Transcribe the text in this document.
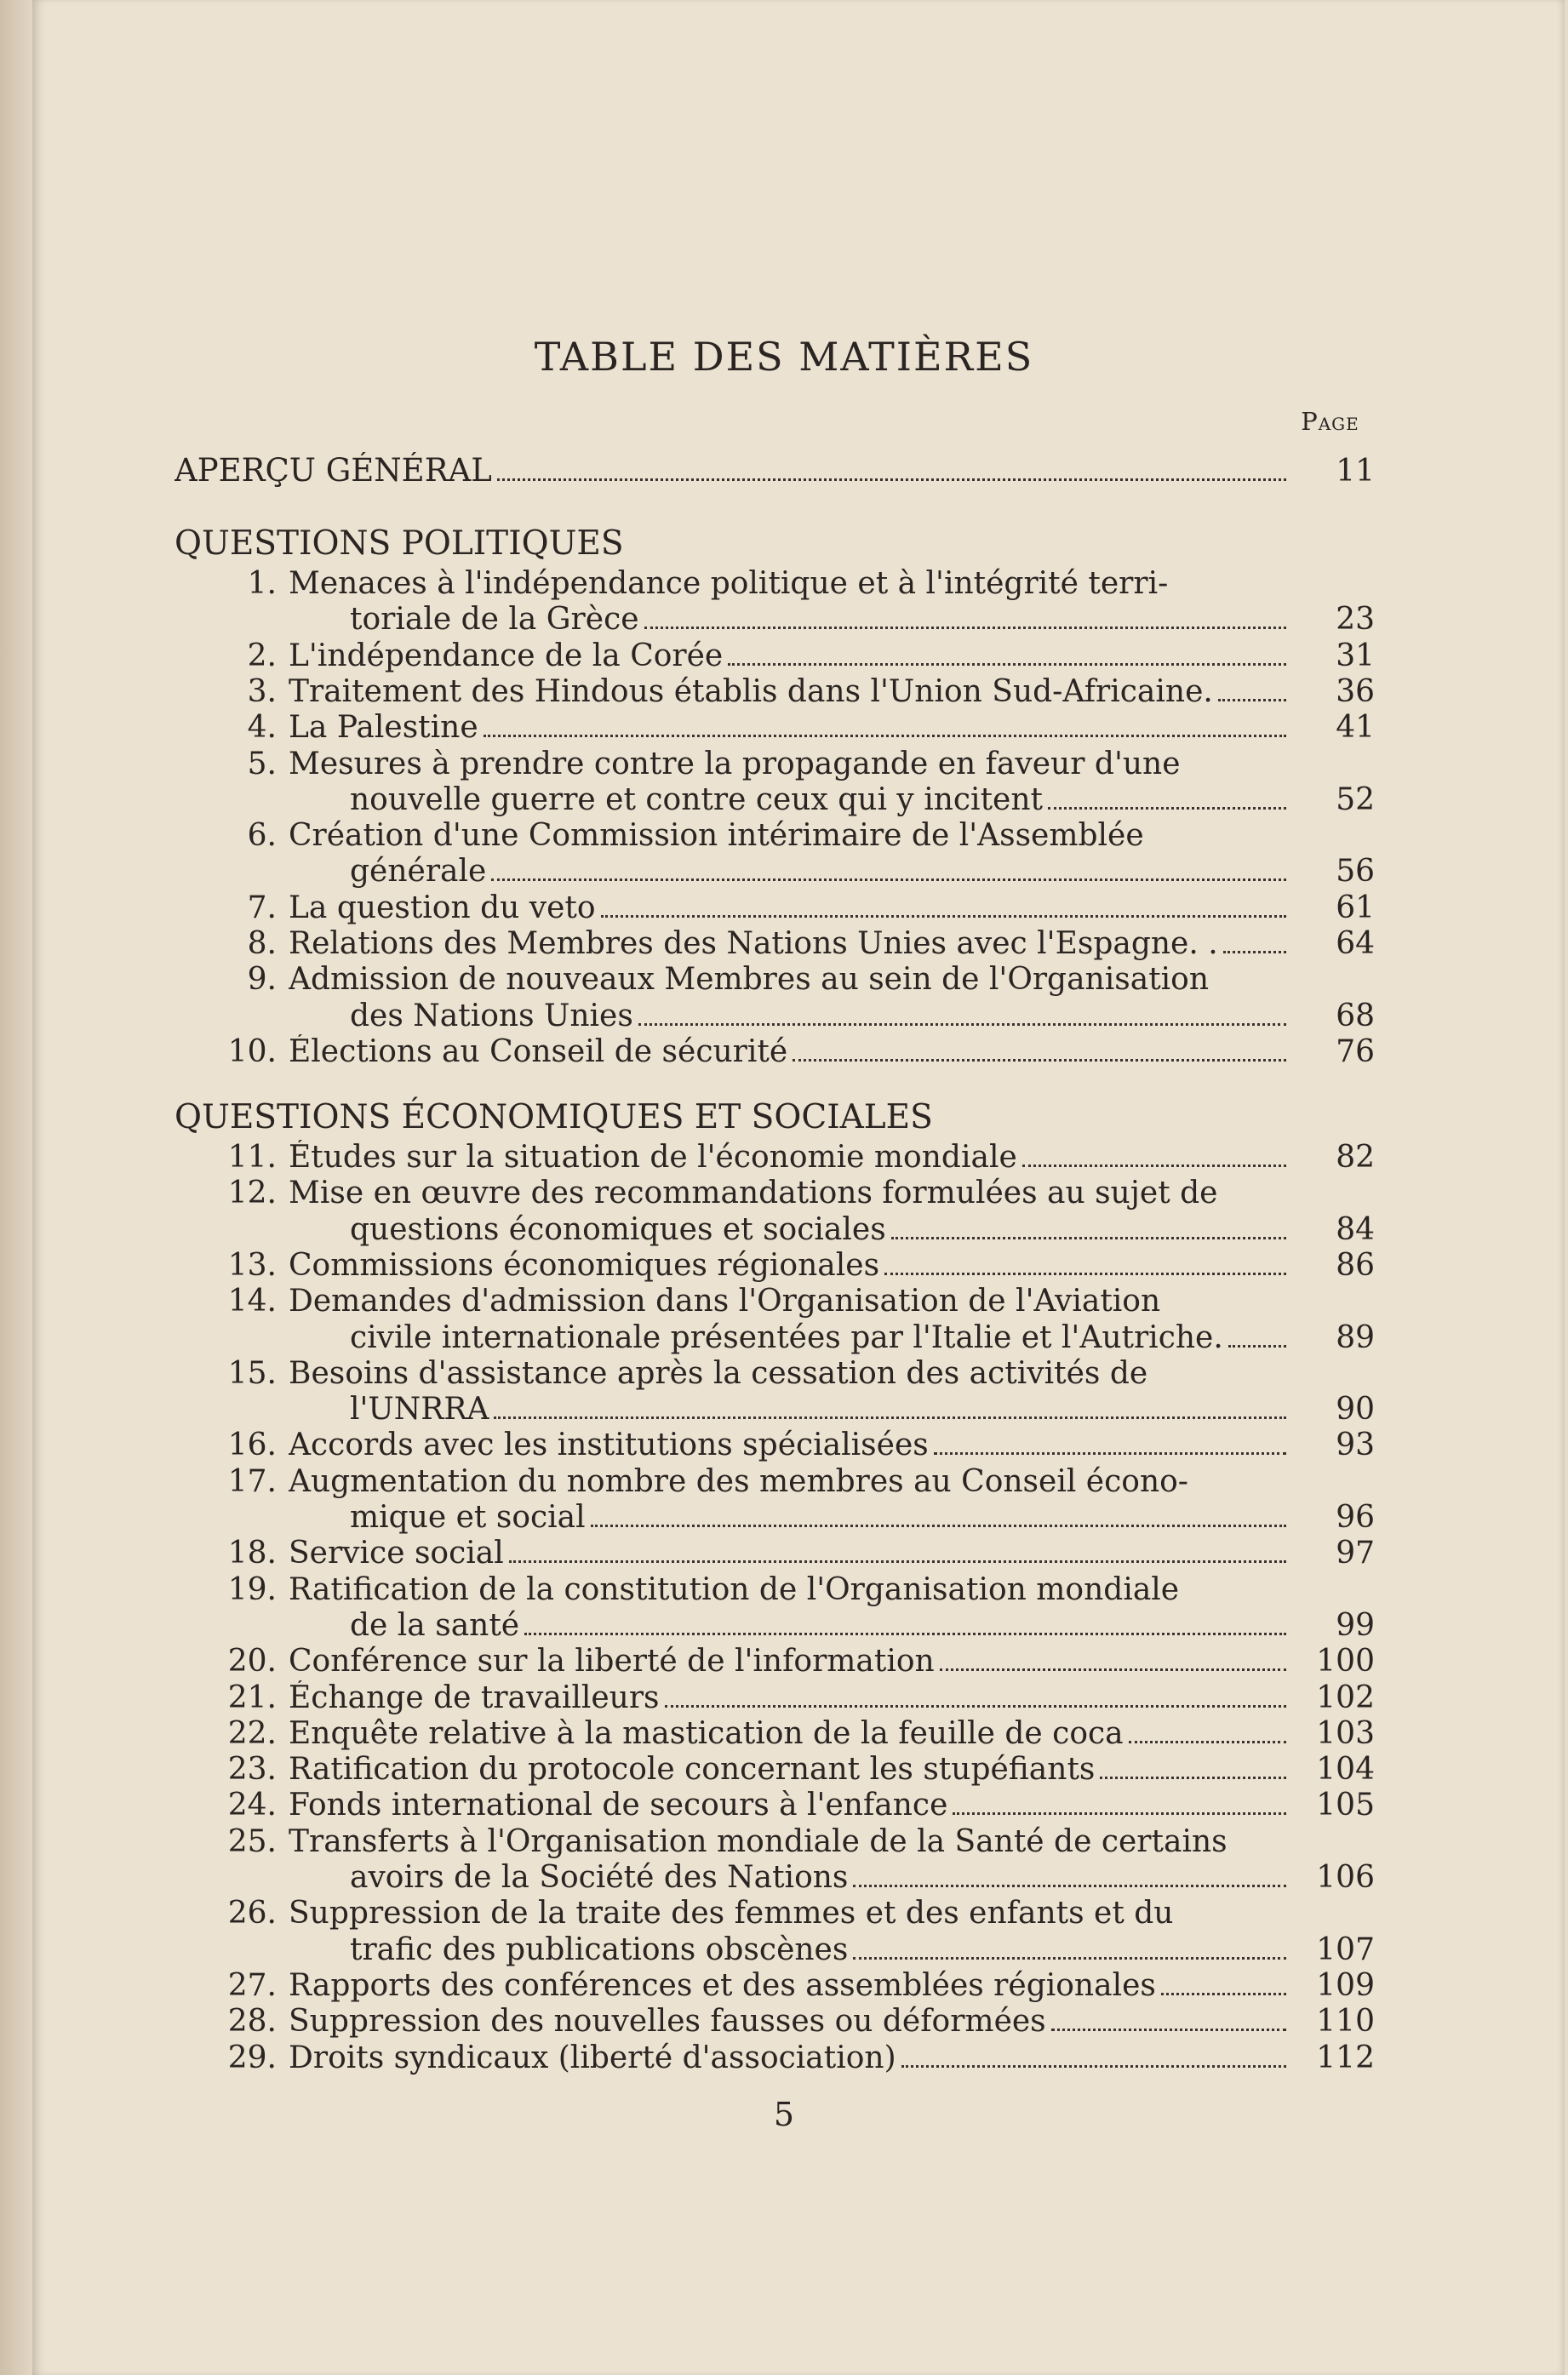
TABLE DES MATIÈRES
Page
APERÇU GÉNÉRAL	11
QUESTIONS POLITIQUES
1. Menaces à l'indépendance politique et à l'intégrité terri-
toriale de la Grèce	23
2. L'indépendance de la Corée	31
3. Traitement des Hindous établis dans l'Union Sud-Africaine.	36
4. La Palestine	41
5. Mesures à prendre contre la propagande en faveur d'une
nouvelle guerre et contre ceux qui y incitent	52
6. Création d'une Commission intérimaire de l'Assemblée
générale	56
7. La question du veto	61
8. Relations des Membres des Nations Unies avec l'Espagne. .	64
9. Admission de nouveaux Membres au sein de l'Organisation
des Nations Unies	68
10. Élections au Conseil de sécurité	76
QUESTIONS ÉCONOMIQUES ET SOCIALES
11. Études sur la situation de l'économie mondiale	82
12. Mise en œuvre des recommandations formulées au sujet de
questions économiques et sociales	84
13. Commissions économiques régionales	86
14. Demandes d'admission dans l'Organisation de l'Aviation
civile internationale présentées par l'Italie et l'Autriche.	89
15. Besoins d'assistance après la cessation des activités de
l'UNRRA	90
16. Accords avec les institutions spécialisées	93
17. Augmentation du nombre des membres au Conseil écono-
mique et social	96
18. Service social	97
19. Ratification de la constitution de l'Organisation mondiale
de la santé	99
20. Conférence sur la liberté de l'information	100
21. Échange de travailleurs	102
22. Enquête relative à la mastication de la feuille de coca	103
23. Ratification du protocole concernant les stupéfiants	104
24. Fonds international de secours à l'enfance	105
25. Transferts à l'Organisation mondiale de la Santé de certains
avoirs de la Société des Nations	106
26. Suppression de la traite des femmes et des enfants et du
trafic des publications obscènes	107
27. Rapports des conférences et des assemblées régionales	109
28. Suppression des nouvelles fausses ou déformées	110
29. Droits syndicaux (liberté d'association)	112
5
